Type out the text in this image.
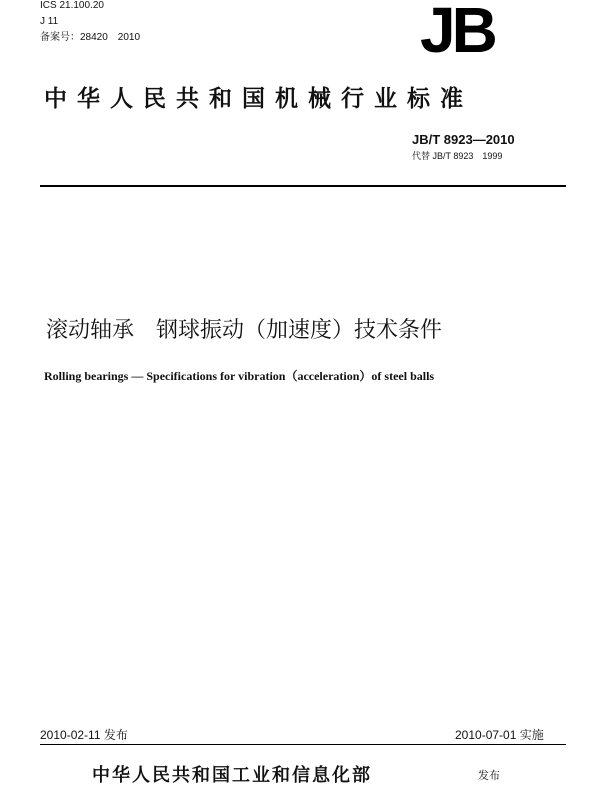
ICS 21.100.20
J 11
备案号：28420　2010	JB
中华人民共和国机械行业标准
JB/T 8923—2010
代替 JB/T 8923　1999
滚动轴承　钢球振动（加速度）技术条件
Rolling bearings — Specifications for vibration（acceleration）of steel balls
2010-02-11 发布	2010-07-01 实施
中华人民共和国工业和信息化部	发布
